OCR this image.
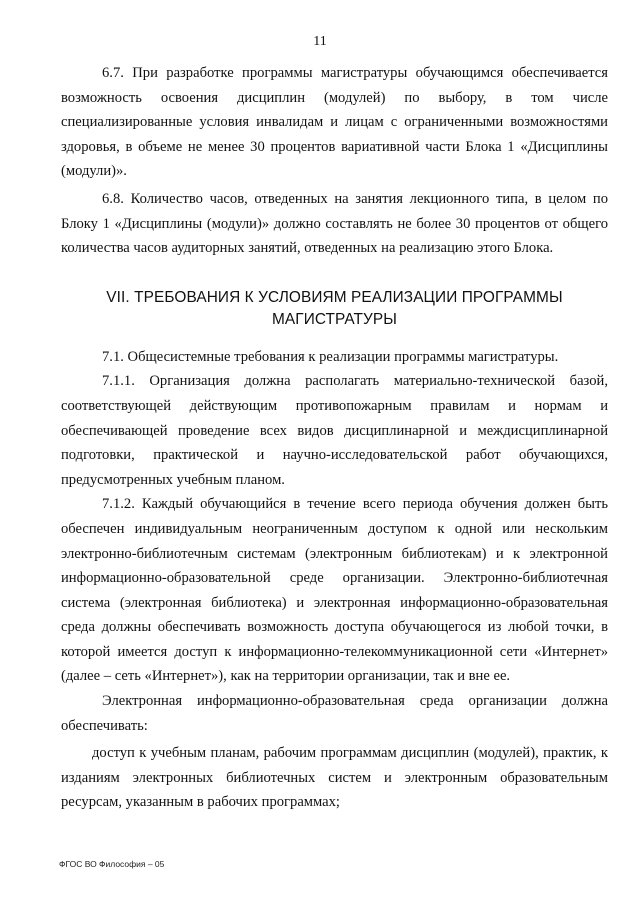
11

6.7. При разработке программы магистратуры обучающимся обеспечивается возможность освоения дисциплин (модулей) по выбору, в том числе специализированные условия инвалидам и лицам с ограниченными возможностями здоровья, в объеме не менее 30 процентов вариативной части Блока 1 «Дисциплины (модули)».

6.8. Количество часов, отведенных на занятия лекционного типа, в целом по Блоку 1 «Дисциплины (модули)» должно составлять не более 30 процентов от общего количества часов аудиторных занятий, отведенных на реализацию этого Блока.

VII. ТРЕБОВАНИЯ К УСЛОВИЯМ РЕАЛИЗАЦИИ ПРОГРАММЫ МАГИСТРАТУРЫ

7.1. Общесистемные требования к реализации программы магистратуры.

7.1.1. Организация должна располагать материально-технической базой, соответствующей действующим противопожарным правилам и нормам и обеспечивающей проведение всех видов дисциплинарной и междисциплинарной подготовки, практической и научно-исследовательской работ обучающихся, предусмотренных учебным планом.

7.1.2. Каждый обучающийся в течение всего периода обучения должен быть обеспечен индивидуальным неограниченным доступом к одной или нескольким электронно-библиотечным системам (электронным библиотекам) и к электронной информационно-образовательной среде организации. Электронно-библиотечная система (электронная библиотека) и электронная информационно-образовательная среда должны обеспечивать возможность доступа обучающегося из любой точки, в которой имеется доступ к информационно-телекоммуникационной сети «Интернет» (далее – сеть «Интернет»), как на территории организации, так и вне ее.

Электронная информационно-образовательная среда организации должна обеспечивать:

доступ к учебным планам, рабочим программам дисциплин (модулей), практик, к изданиям электронных библиотечных систем и электронным образовательным ресурсам, указанным в рабочих программах;

ФГОС ВО Философия – 05
